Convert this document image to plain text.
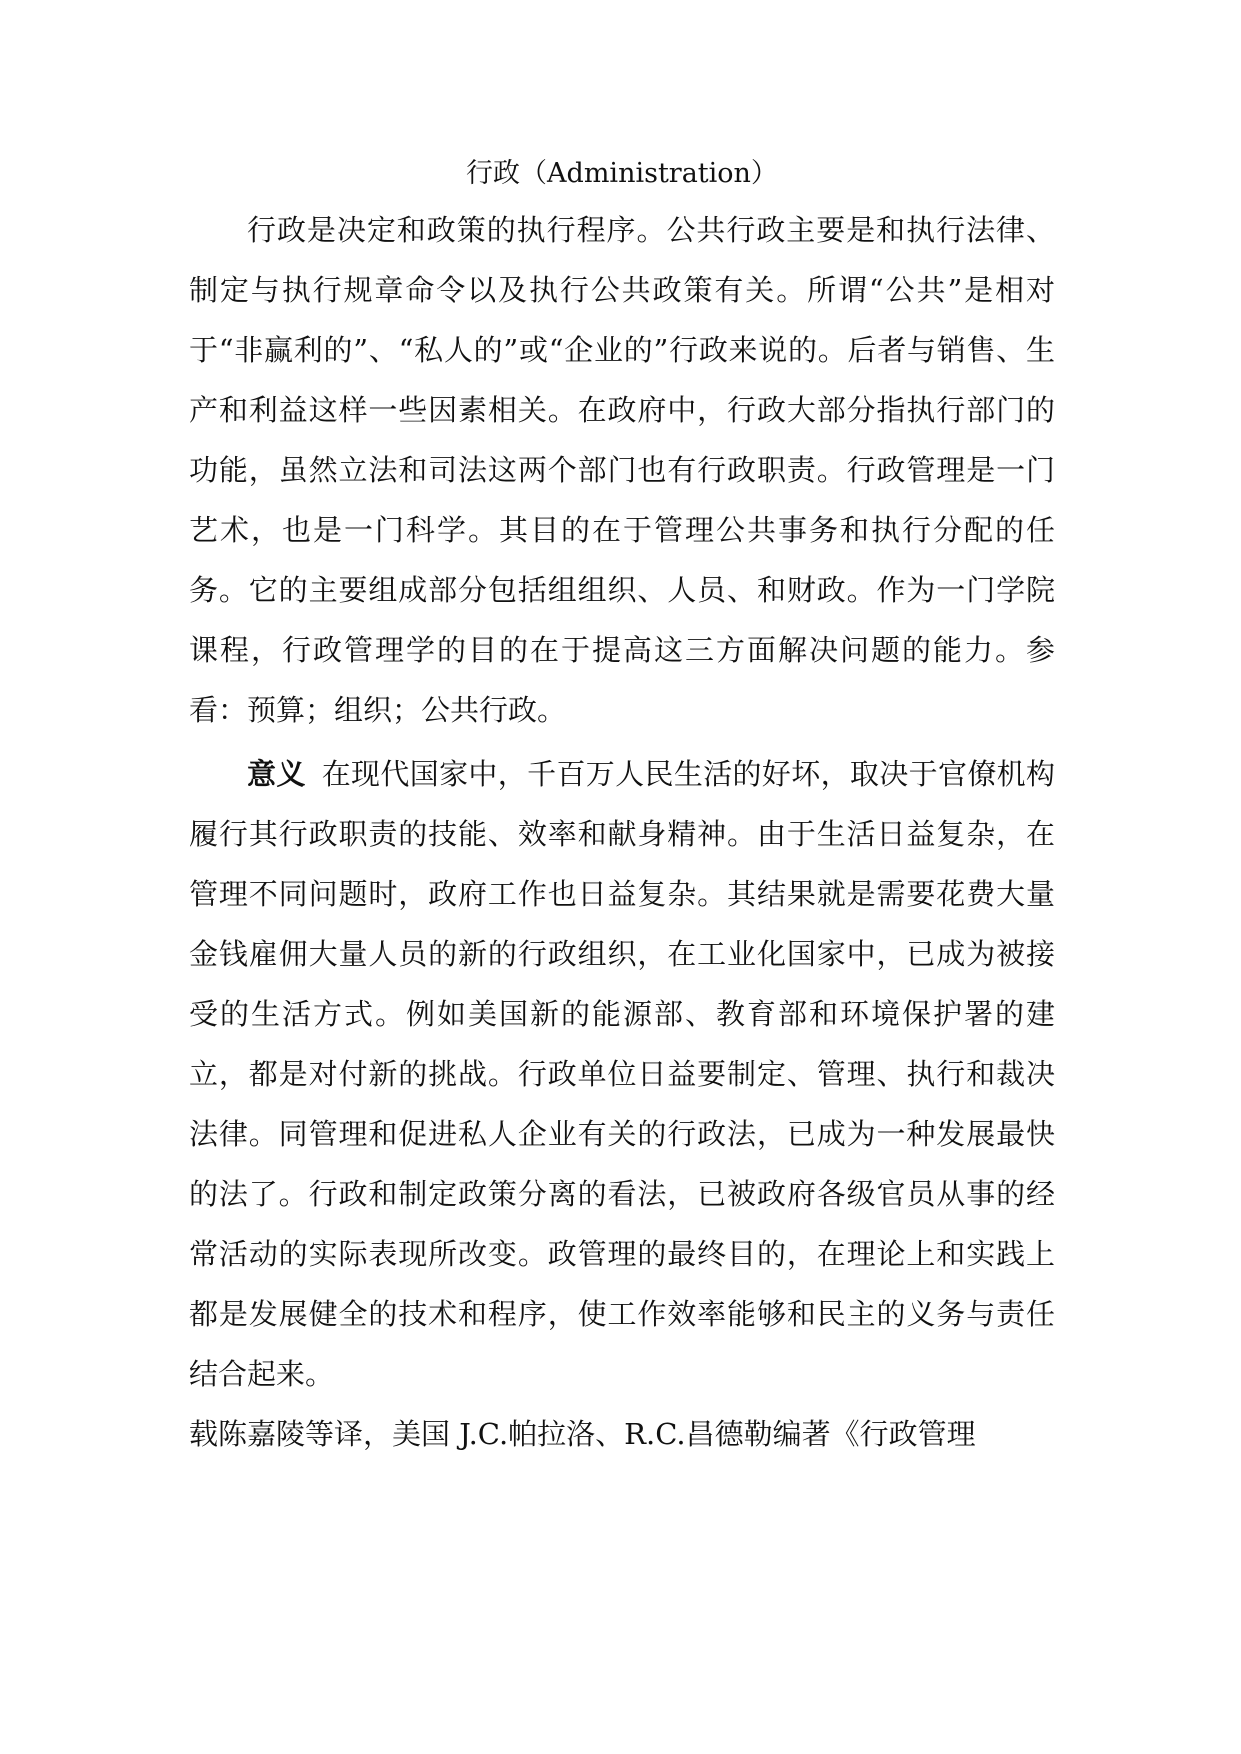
行政（Administration）

行政是决定和政策的执行程序。公共行政主要是和执行法律、制定与执行规章命令以及执行公共政策有关。所谓“公共”是相对于“非赢利的”、“私人的”或“企业的”行政来说的。后者与销售、生产和利益这样一些因素相关。在政府中，行政大部分指执行部门的功能，虽然立法和司法这两个部门也有行政职责。行政管理是一门艺术，也是一门科学。其目的在于管理公共事务和执行分配的任务。它的主要组成部分包括组组织、人员、和财政。作为一门学院课程，行政管理学的目的在于提高这三方面解决问题的能力。参看：预算；组织；公共行政。

意义 在现代国家中，千百万人民生活的好坏，取决于官僚机构履行其行政职责的技能、效率和献身精神。由于生活日益复杂，在管理不同问题时，政府工作也日益复杂。其结果就是需要花费大量金钱雇佣大量人员的新的行政组织，在工业化国家中，已成为被接受的生活方式。例如美国新的能源部、教育部和环境保护署的建立，都是对付新的挑战。行政单位日益要制定、管理、执行和裁决法律。同管理和促进私人企业有关的行政法，已成为一种发展最快的法了。行政和制定政策分离的看法，已被政府各级官员从事的经常活动的实际表现所改变。政管理的最终目的，在理论上和实践上都是发展健全的技术和程序，使工作效率能够和民主的义务与责任结合起来。

载陈嘉陵等译，美国 J.C.帕拉洛、R.C.昌德勒编著《行政管理
